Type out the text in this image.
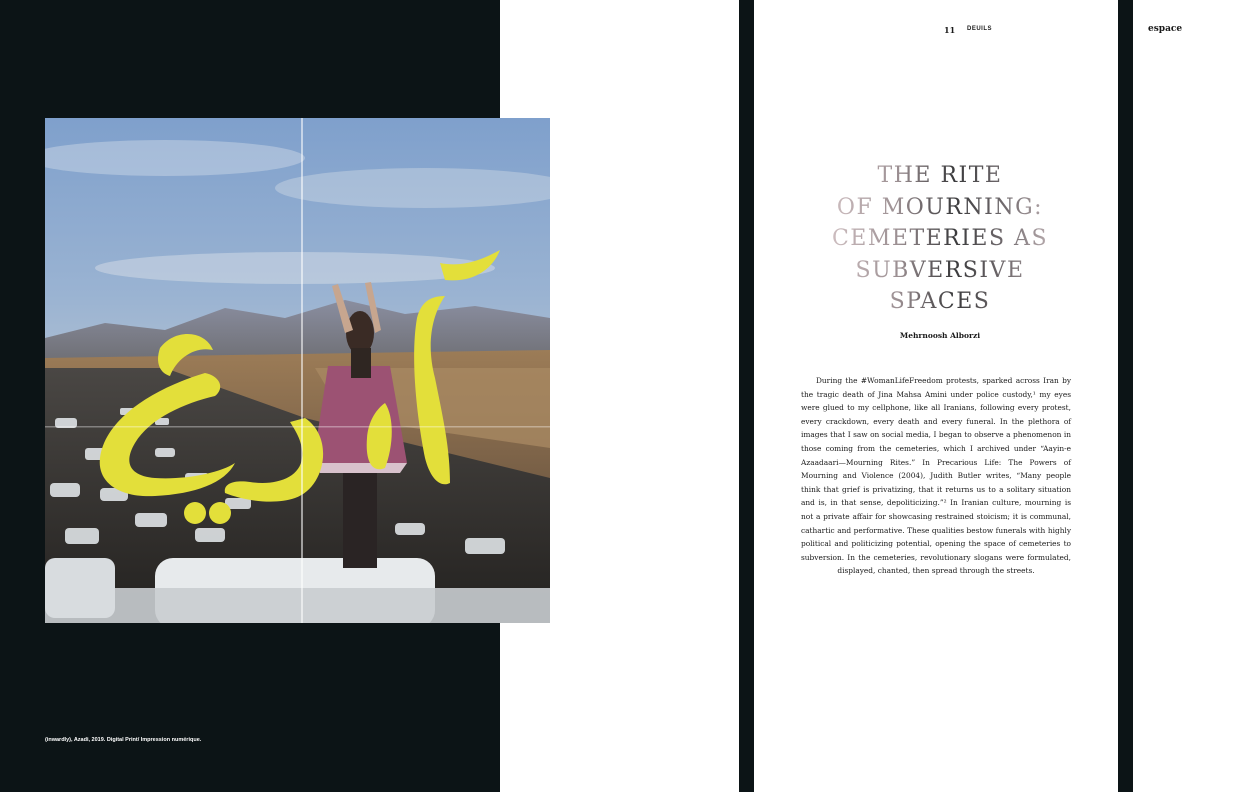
(inwardly), Azadi, 2019. Digital Print/ Impression numérique.
11 DEUILS	espace
THE RITE
OF MOURNING:
CEMETERIES AS
SUBVERSIVE
SPACES
Mehrnoosh Alborzi

During the #WomanLifeFreedom protests, sparked across Iran by the tragic death of Jina Mahsa Amini under police custody,¹ my eyes were glued to my cellphone, like all Iranians, following every protest, every crackdown, every death and every funeral. In the plethora of images that I saw on social media, I began to observe a phenomenon in those coming from the cemeteries, which I archived under “Aayin-e Azaadaari—Mourning Rites.” In Precarious Life: The Powers of Mourning and Violence (2004), Judith Butler writes, “Many people think that grief is privatizing, that it returns us to a solitary situation and is, in that sense, depoliticizing.”² In Iranian culture, mourning is not a private affair for showcasing restrained stoicism; it is communal, cathartic and performative. These qualities bestow funerals with highly political and politicizing potential, opening the space of cemeteries to subversion. In the cemeteries, revolutionary slogans were formulated, displayed, chanted, then spread through the streets.
